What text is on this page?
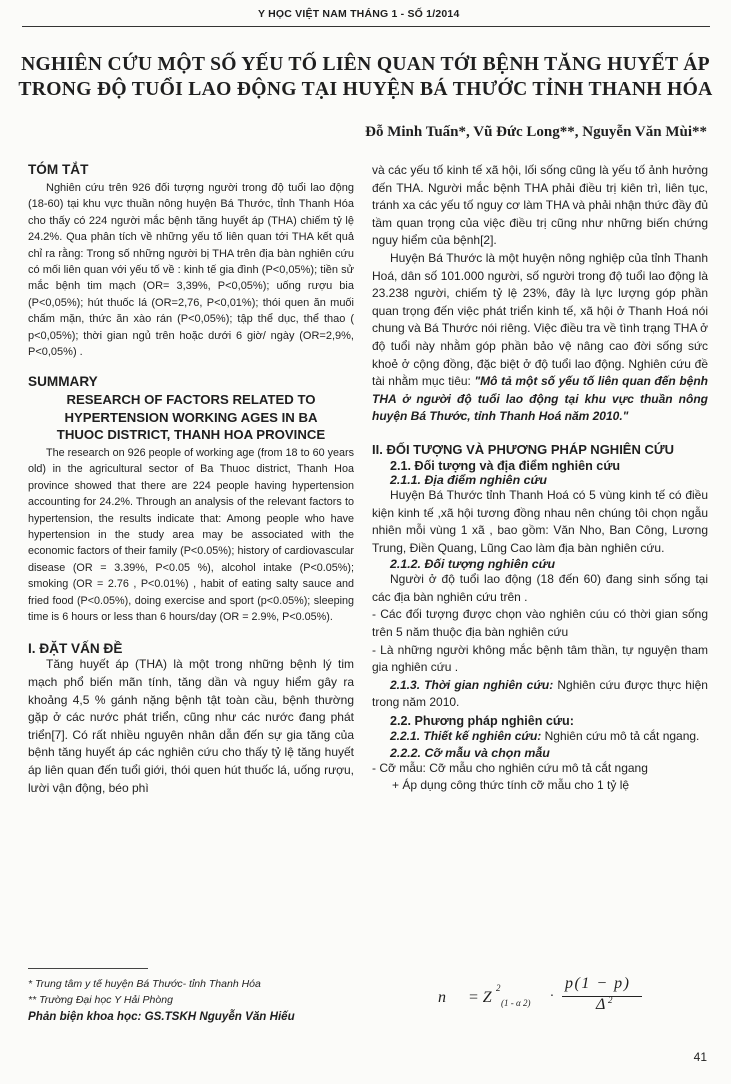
Y HỌC VIỆT NAM THÁNG 1 - SỐ 1/2014
NGHIÊN CỨU MỘT SỐ YẾU TỐ LIÊN QUAN TỚI BỆNH TĂNG HUYẾT ÁP
TRONG ĐỘ TUỔI LAO ĐỘNG TẠI HUYỆN BÁ THƯỚC TỈNH THANH HÓA

Đỗ Minh Tuấn*, Vũ Đức Long**, Nguyễn Văn Mùi**

TÓM TẮT

Nghiên cứu trên 926 đối tượng người trong độ tuổi lao động (18-60) tại khu vực thuần nông huyện Bá Thước, tỉnh Thanh Hóa cho thấy có 224 người mắc bệnh tăng huyết áp (THA) chiếm tỷ lệ 24.2%. Qua phân tích về những yếu tố liên quan tới THA kết quả chỉ ra rằng: Trong số những người bị THA trên địa bàn nghiên cứu có mối liên quan với yếu tố về : kinh tế gia đình (P<0,05%); tiền sử mắc bệnh tim mạch (OR= 3,39%, P<0,05%); uống rượu bia (P<0,05%); hút thuốc lá (OR=2,76, P<0,01%); thói quen ăn muối chấm mặn, thức ăn xào rán (P<0,05%); tập thể dục, thể thao ( p<0,05%); thời gian ngủ trên hoặc dưới 6 giờ/ ngày (OR=2,9%, P<0,05%) .

SUMMARY

RESEARCH OF FACTORS RELATED TO
HYPERTENSION WORKING AGES IN BA
THUOC DISTRICT, THANH HOA PROVINCE

The research on 926 people of working age (from 18 to 60 years old) in the agricultural sector of Ba Thuoc district, Thanh Hoa province showed that there are 224 people having hypertension accounting for 24.2%. Through an analysis of the relevant factors to hypertension, the results indicate that: Among people who have hypertension in the study area may be associated with the economic factors of their family (P<0.05%); history of cardiovascular disease (OR = 3.39%, P<0.05 %), alcohol intake (P<0.05%); smoking (OR = 2.76 , P<0.01%) , habit of eating salty sauce and fried food (P<0.05%), doing exercise and sport (p<0.05%); sleeping time is 6 hours or less than 6 hours/day (OR = 2.9%, P<0.05%).

I. ĐẶT VẤN ĐỀ

Tăng huyết áp (THA) là một trong những bệnh lý tim mạch phổ biến mãn tính, tăng dần và nguy hiểm gây ra khoảng 4,5 % gánh nặng bệnh tật toàn cầu, bệnh thường gặp ở các nước phát triển, cũng như các nước đang phát triển[7]. Có rất nhiều nguyên nhân dẫn đến sự gia tăng của bệnh tăng huyết áp các nghiên cứu cho thấy tỷ lệ tăng huyết áp liên quan đến tuổi giới, thói quen hút thuốc lá, uống rượu, lười vận động, béo phì

và các yếu tố kinh tế xã hội, lối sống cũng là yếu tố ảnh hưởng đến THA. Người mắc bệnh THA phải điều trị kiên trì, liên tục, tránh xa các yếu tố nguy cơ làm THA và phải nhận thức đầy đủ tầm quan trọng của việc điều trị cũng như những biến chứng nguy hiểm của bệnh[2].

Huyện Bá Thước là một huyện nông nghiệp của tỉnh Thanh Hoá, dân số 101.000 người, số người trong độ tuổi lao động là 23.238 người, chiếm tỷ lệ 23%, đây là lực lượng góp phần quan trọng đến việc phát triển kinh tế, xã hội ở Thanh Hoá nói chung và Bá Thước nói riêng. Việc điều tra về tình trạng THA ở độ tuổi này nhằm góp phần bảo vệ nâng cao đời sống sức khoẻ ở cộng đồng, đặc biệt ở độ tuổi lao động. Nghiên cứu đề tài nhằm mục tiêu: "Mô tả một số yếu tố liên quan đến bệnh THA ở người độ tuổi lao động tại khu vực thuần nông huyện Bá Thước, tỉnh Thanh Hoá năm 2010."

II. ĐỐI TƯỢNG VÀ PHƯƠNG PHÁP NGHIÊN CỨU

2.1. Đối tượng và địa điểm nghiên cứu

2.1.1. Địa điểm nghiên cứu

Huyện Bá Thước tỉnh Thanh Hoá có 5 vùng kinh tế có điều kiện kinh tế ,xã hội tương đồng nhau nên chúng tôi chọn ngẫu nhiên mỗi vùng 1 xã , bao gồm: Văn Nho, Ban Công, Lương Trung, Điền Quang, Lũng Cao làm địa bàn nghiên cứu.

2.1.2. Đối tượng nghiên cứu

Người ở độ tuổi lao động (18 đến 60) đang sinh sống tại các địa bàn nghiên cứu trên .

- Các đối tượng được chọn vào nghiên cúu có thời gian sống trên 5 năm thuộc địa bàn nghiên cứu

- Là những người không mắc bệnh tâm thần, tự nguyện tham gia nghiên cứu .

2.1.3. Thời gian nghiên cứu: Nghiên cứu được thực hiện trong năm 2010.

2.2. Phương pháp nghiên cứu:

2.2.1. Thiết kế nghiên cứu: Nghiên cứu mô tả cắt ngang.

2.2.2. Cỡ mẫu và chọn mẫu

- Cỡ mẫu: Cỡ mẫu cho nghiên cứu mô tả cắt ngang

+ Áp dụng công thức tính cỡ mẫu cho 1 tỷ lệ

n = Z
2
(1 - α 2) ·
p(1 − p)
Δ 2

* Trung tâm y tế huyện Bá Thước- tỉnh Thanh Hóa

** Trường Đại học Y Hải Phòng

Phản biện khoa học: GS.TSKH Nguyễn Văn Hiếu

41
